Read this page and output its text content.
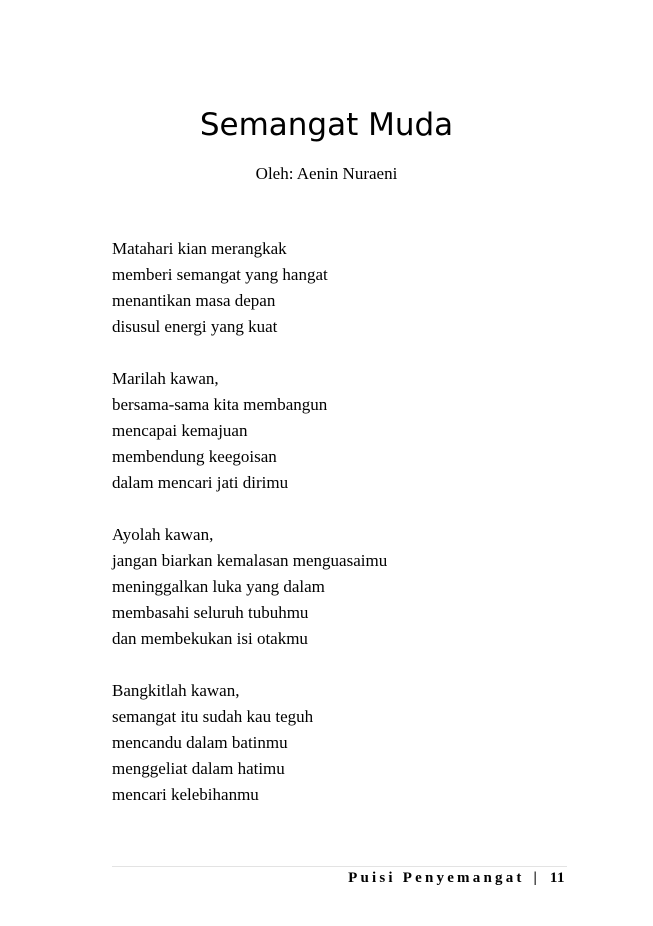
Semangat Muda
Oleh: Aenin Nuraeni
Matahari kian merangkak
memberi semangat yang hangat
menantikan masa depan
disusul energi yang kuat
Marilah kawan,
bersama-sama kita membangun
mencapai kemajuan
membendung keegoisan
dalam mencari jati dirimu
Ayolah kawan,
jangan biarkan kemalasan menguasaimu
meninggalkan luka yang dalam
membasahi seluruh tubuhmu
dan membekukan isi otakmu
Bangkitlah kawan,
semangat itu sudah kau teguh
mencandu dalam batinmu
menggeliat dalam hatimu
mencari kelebihanmu
Puisi Penyemangat | 11
